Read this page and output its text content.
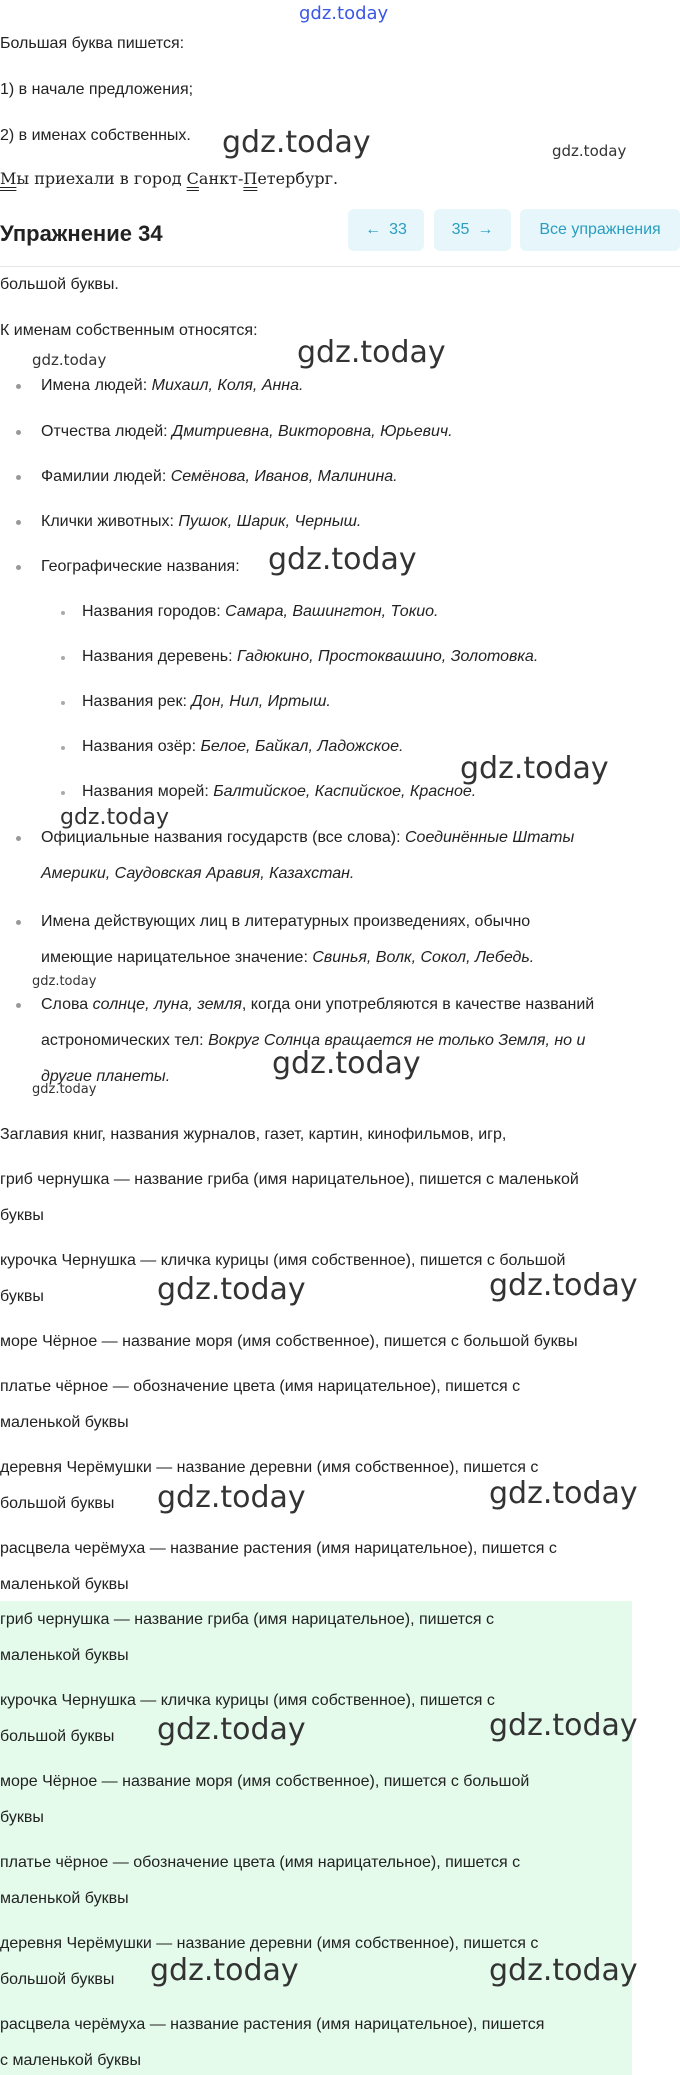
gdz.today
Большая буква пишется:
1) в начале предложения;
2) в именах собственных.
Мы приехали в город Санкт-Петербург.
Упражнение 34	← 33	35 →	Все упражнения
большой буквы.
К именам собственным относятся:
Имена людей: Михаил, Коля, Анна.
Отчества людей: Дмитриевна, Викторовна, Юрьевич.
Фамилии людей: Семёнова, Иванов, Малинина.
Клички животных: Пушок, Шарик, Черныш.
Географические названия:
Названия городов: Самара, Вашингтон, Токио.
Названия деревень: Гадюкино, Простоквашино, Золотовка.
Названия рек: Дон, Нил, Иртыш.
Названия озёр: Белое, Байкал, Ладожское.
Названия морей: Балтийское, Каспийское, Красное.
Официальные названия государств (все слова): Соединённые Штаты
Америки, Саудовская Аравия, Казахстан.
Имена действующих лиц в литературных произведениях, обычно
имеющие нарицательное значение: Свинья, Волк, Сокол, Лебедь.
Слова солнце, луна, земля, когда они употребляются в качестве названий
астрономических тел: Вокруг Солнца вращается не только Земля, но и
другие планеты.
Заглавия книг, названия журналов, газет, картин, кинофильмов, игр,
гриб чернушка — название гриба (имя нарицательное), пишется с маленькой
буквы
курочка Чернушка — кличка курицы (имя собственное), пишется с большой
буквы
море Чёрное — название моря (имя собственное), пишется с большой буквы
платье чёрное — обозначение цвета (имя нарицательное), пишется с
маленькой буквы
деревня Черёмушки — название деревни (имя собственное), пишется с
большой буквы
расцвела черёмуха — название растения (имя нарицательное), пишется с
маленькой буквы
гриб чернушка — название гриба (имя нарицательное), пишется с
маленькой буквы
курочка Чернушка — кличка курицы (имя собственное), пишется с
большой буквы
море Чёрное — название моря (имя собственное), пишется с большой
буквы
платье чёрное — обозначение цвета (имя нарицательное), пишется с
маленькой буквы
деревня Черёмушки — название деревни (имя собственное), пишется с
большой буквы
расцвела черёмуха — название растения (имя нарицательное), пишется
с маленькой буквы
gdz.today	gdz.today
gdz.today	gdz.today
gdz.today
gdz.today
gdz.today
gdz.today
gdz.today
gdz.today
gdz.today	gdz.today
gdz.today	gdz.today
gdz.today	gdz.today
gdz.today	gdz.today
